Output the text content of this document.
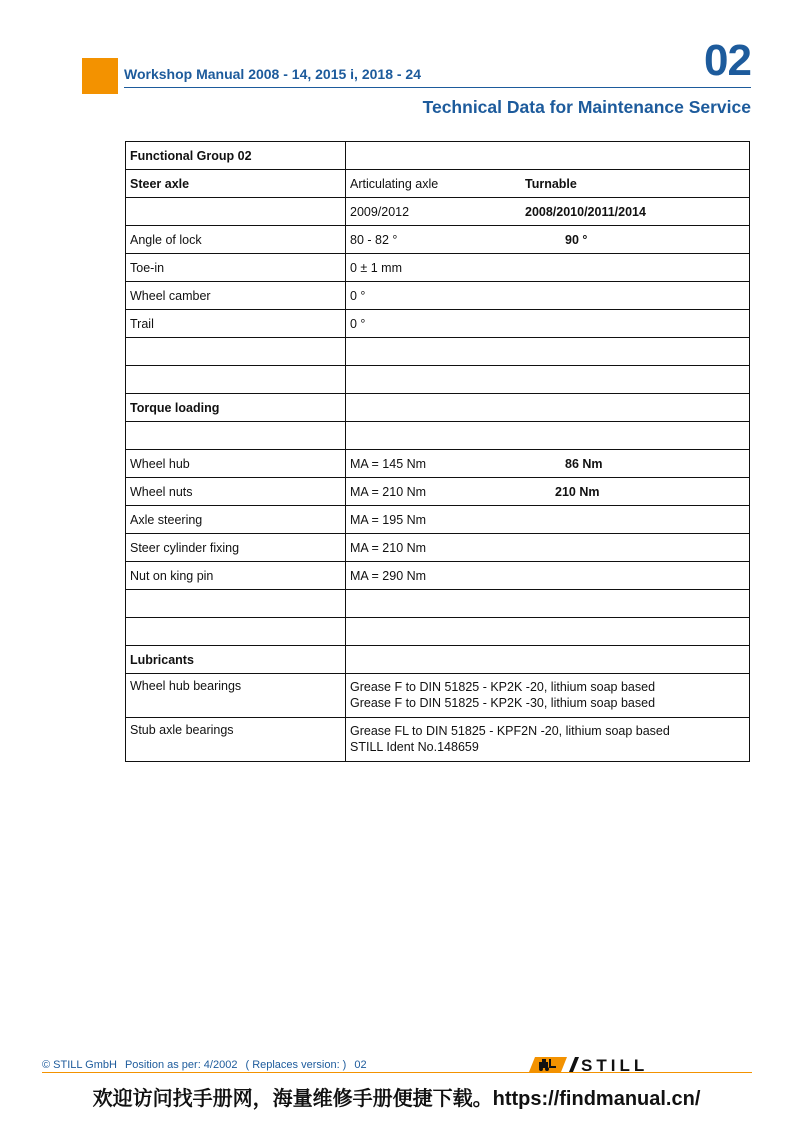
Workshop Manual 2008 - 14, 2015 i, 2018 - 24	02
Technical Data for Maintenance Service
Functional Group 02	
Steer axle	Articulating axle Turnable
	2009/2012 2008/2010/2011/2014
Angle of lock	80 - 82 ° 90 °
Toe-in	0 ± 1 mm
Wheel camber	0 °
Trail	0 °

Torque loading	

Wheel hub	MA = 145 Nm 86 Nm
Wheel nuts	MA = 210 Nm 210 Nm
Axle steering	MA = 195 Nm
Steer cylinder fixing	MA = 210 Nm
Nut on king pin	MA = 290 Nm

Lubricants	
Wheel hub bearings	Grease F to DIN 51825 - KP2K -20, lithium soap based
Grease F to DIN 51825 - KP2K -30, lithium soap based

Stub axle bearings	Grease FL to DIN 51825 - KPF2N -20, lithium soap based
STILL Ident No.148659
© STILL GmbH Position as per: 4/2002 ( Replaces version: ) 02	STILL
欢迎访问找手册网，海量维修手册便捷下载。https://findmanual.cn/
